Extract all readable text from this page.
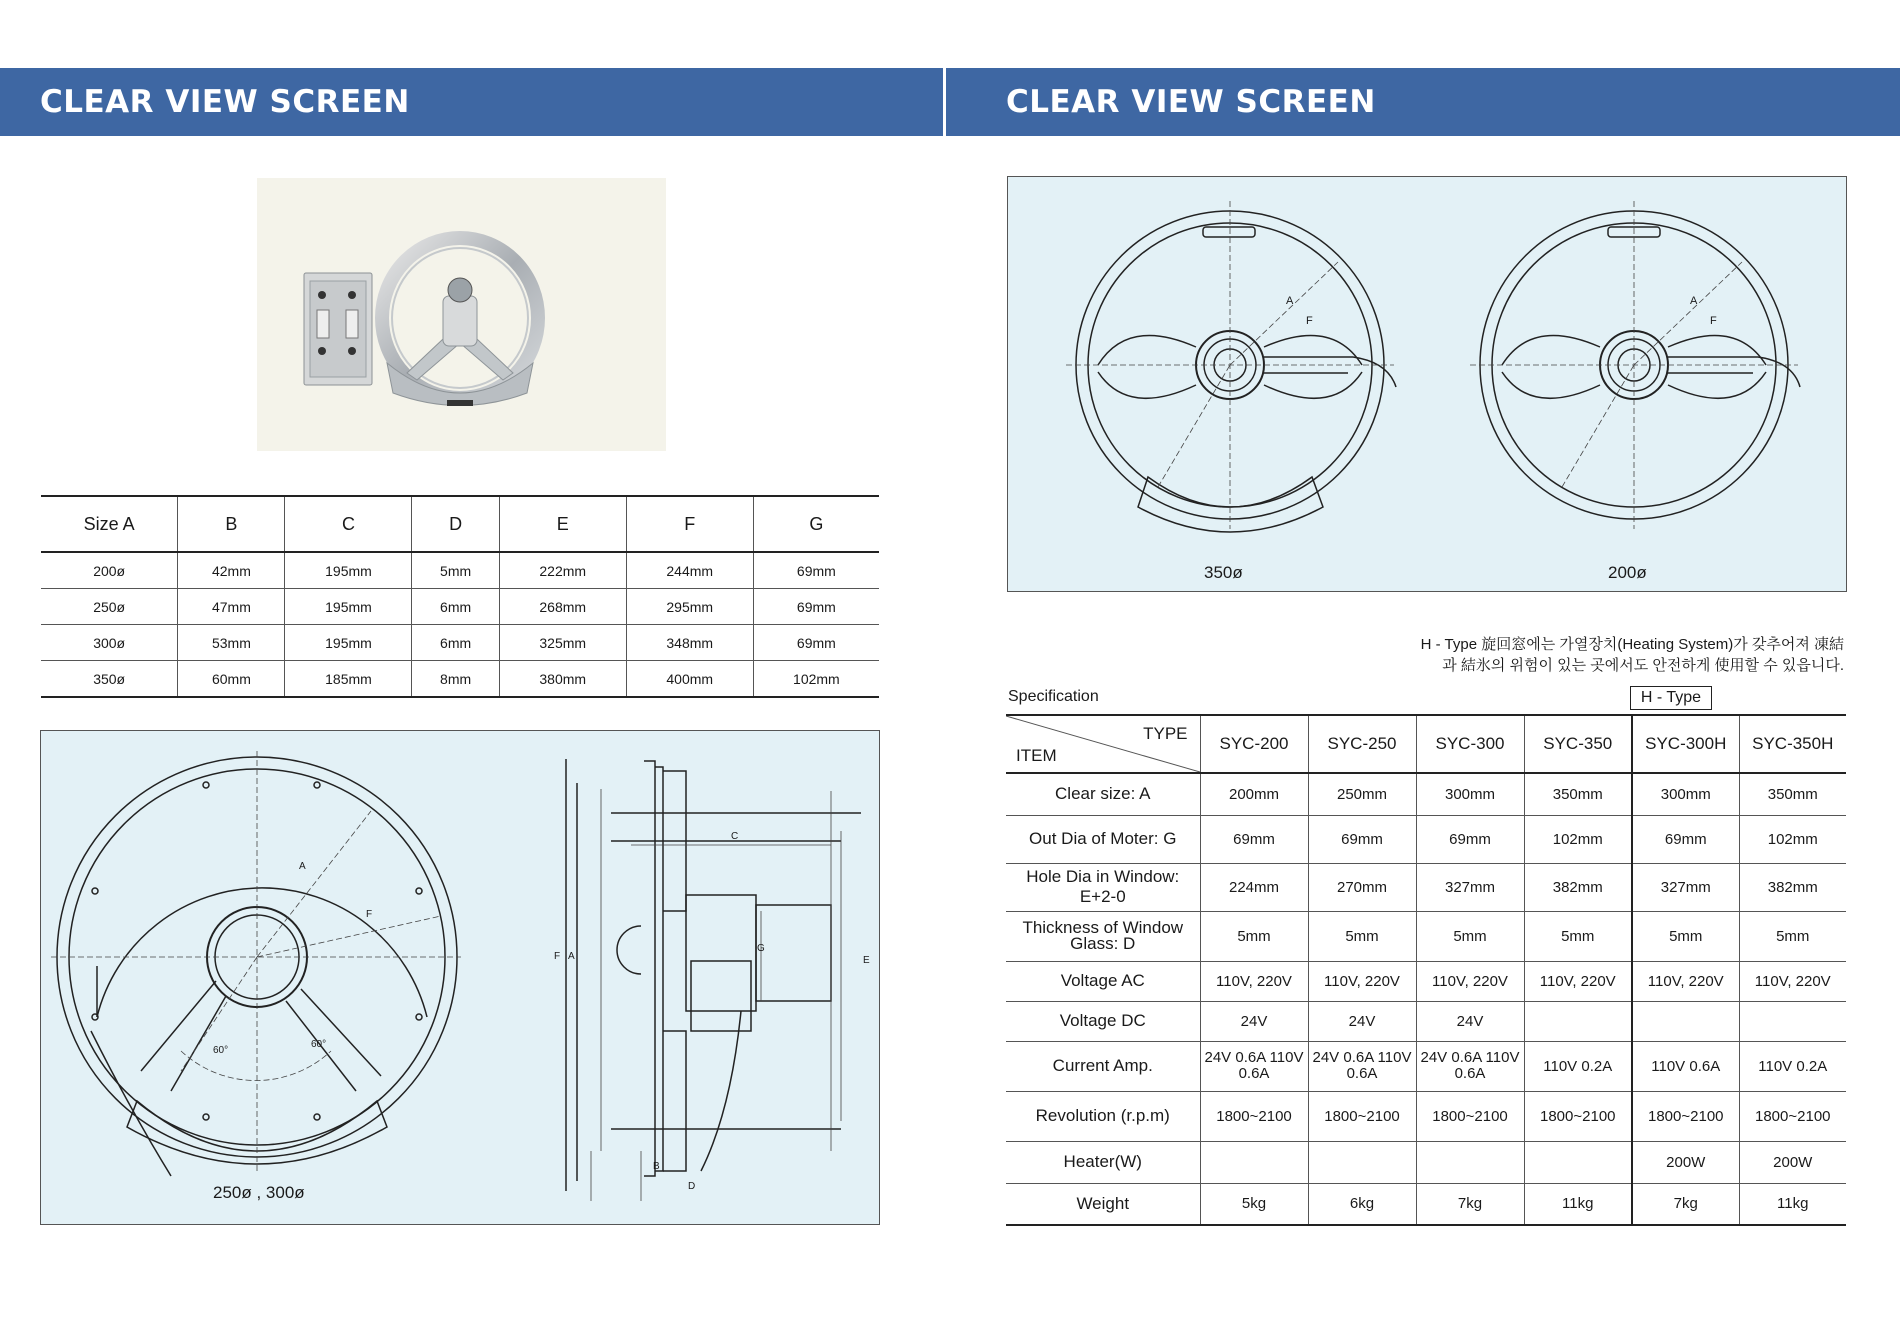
CLEAR VIEW SCREEN	CLEAR VIEW SCREEN
Size A	B	C	D	E	F	G
200ø	42mm	195mm	5mm	222mm	244mm	69mm
250ø	47mm	195mm	6mm	268mm	295mm	69mm
300ø	53mm	195mm	6mm	325mm	348mm	69mm
350ø	60mm	185mm	8mm	380mm	400mm	102mm
250ø , 300ø
A
F
60°
60°
C
F A
G
E
B
D
350ø	200ø
A
F
A
F
H - Type 旋回窓에는 가열장치(Heating System)가 갖추어져 凍結
과 結氷의 위험이 있는 곳에서도 안전하게 使用할 수 있읍니다.
Specification	H - Type
TYPE
ITEM	SYC-200	SYC-250	SYC-300	SYC-350	SYC-300H	SYC-350H
Clear size: A	200mm	250mm	300mm	350mm	300mm	350mm
Out Dia of Moter: G	69mm	69mm	69mm	102mm	69mm	102mm
Hole Dia in Window: E+2-0	224mm	270mm	327mm	382mm	327mm	382mm
Thickness of Window Glass: D	5mm	5mm	5mm	5mm	5mm	5mm
Voltage AC	110V, 220V	110V, 220V	110V, 220V	110V, 220V	110V, 220V	110V, 220V
Voltage DC	24V	24V	24V			
Current Amp.	24V 0.6A 110V 0.6A	24V 0.6A 110V 0.6A	24V 0.6A 110V 0.6A	110V 0.2A	110V 0.6A	110V 0.2A
Revolution (r.p.m)	1800~2100	1800~2100	1800~2100	1800~2100	1800~2100	1800~2100
Heater(W)					200W	200W
Weight	5kg	6kg	7kg	11kg	7kg	11kg
